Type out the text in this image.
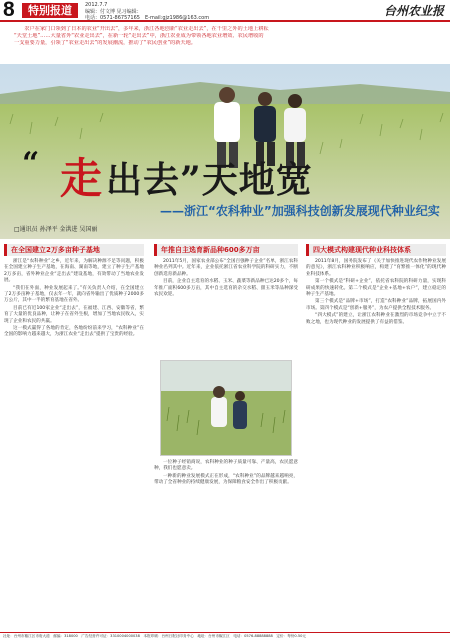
8	特别报道	2012.7.7
编辑：付文博 见习编辑：
电话：0571-86757165　 E-mail:gjz1986@163.com	台州农业报
　　农户在家门口领到了日本的农业“开出去”，多年来，浙江各地创新“农业走出去”，在千里之外的土地上耕耘
“天堂土地”……大量省外“农业走出去”，在新一轮“走出去”中，浙江农业成为带领各地农业增效、农民增收的
一支重要力量，引领了“农业走出去”的发展潮流，推动了“农民创业”的新天地。
“ 走 出去”天地宽
——浙江“农科种业”加强科技创新发展现代种业纪实
□通讯员 孙泽平 金洪进 吴国丽
在全国建立2万多亩种子基地

浙江是“农科种业”之乡，近年来，为解决种源不足等问题，积极在全国建立种子生产基地，在海南、湖南等地，建立了种子生产基地2万多亩，省外种业企业“走出去”建设基地，有效带动了当地农业发展。

“我们在外面，种业发展起来了。”有关负责人介绍，在全国建立了2万多亩种子基地，仅去年一年，就向省外输出了优质种子2000多万公斤，其中一半的繁育基地在省外。

目前已有近100家企业“走出去”，在福建、江西、安徽等省，繁育了大量的优良品种，让种子在省外生根，增加了当地农民收入，实现了企业和农民的共赢。

这一模式赢得了各地的肯定，各地纷纷前来学习，“农科种业”在全国的影响力越来越大，为浙江农业“走出去”提供了宝贵的经验。

年推自主选育新品种600多万亩

2011年5月，国家农业部公布“全国百强种子企业”名单，浙江农科种业名列其中。近年来，企业依托浙江省农业科学院的科研实力，不断创新选育新品种。

目前，企业自主选育的水稻、玉米、蔬菜等新品种已达20多个，每年推广面积600多万亩，其中自主选育的杂交水稻、甜玉米等品种深受农民欢迎。

一位种子经销商说，农科种业的种子质量可靠、产量高，农民愿意种，我们也愿意卖。

一种新的种业发展模式正在形成，“农科种业”的品牌越来越响亮，带动了全省种业的持续健康发展，为保障粮食安全作出了积极贡献。

四大模式构建现代种业科技体系

2011年8月，国务院发布了《关于加快推进现代农作物种业发展的意见》，浙江农科种业积极响应，构建了“育繁推一体化”的现代种业科技体系。

第一个模式是“科研+企业”，依托省农科院的科研力量，实现科研成果的快速转化。第二个模式是“企业+基地+农户”，建立稳定的种子生产基地。

第三个模式是“品牌+市场”，打造“农科种业”品牌，拓展国内外市场。第四个模式是“创新+服务”，为农户提供全程技术服务。

“四大模式”的建立，让浙江农科种业在激烈的市场竞争中立于不败之地，也为现代种业的发展提供了有益的借鉴。

社址：台州市椒江区市府大道　邮编：318000　广告经营许可证：3310004000038　本报印刷：台州日报社印务中心　地址：台州市椒江区　电话：0576-88888888　定价：每份0.50元
